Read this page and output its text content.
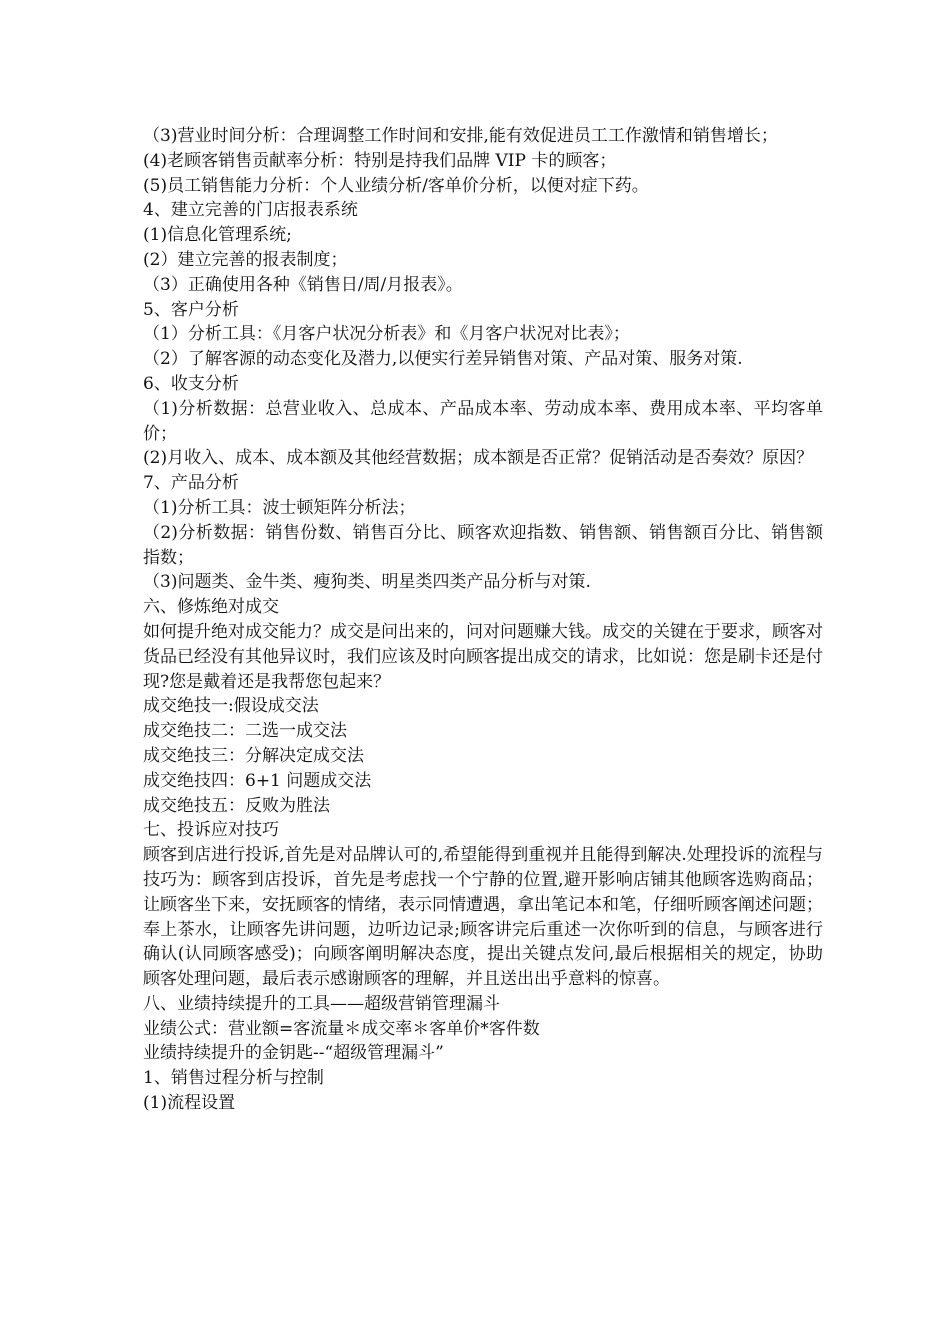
（3)营业时间分析：合理调整工作时间和安排,能有效促进员工工作激情和销售增长；
(4)老顾客销售贡献率分析：特别是持我们品牌 VIP 卡的顾客；
(5)员工销售能力分析：个人业绩分析/客单价分析，以便对症下药。
4、建立完善的门店报表系统
(1)信息化管理系统;
(2）建立完善的报表制度；
（3）正确使用各种《销售日/周/月报表》。
5、客户分析
（1）分析工具：《月客户状况分析表》和《月客户状况对比表》；
（2）了解客源的动态变化及潜力,以便实行差异销售对策、产品对策、服务对策.
6、收支分析
（1)分析数据：总营业收入、总成本、产品成本率、劳动成本率、费用成本率、平均客单价；
(2)月收入、成本、成本额及其他经营数据；成本额是否正常？促销活动是否奏效？原因？
7、产品分析
（1)分析工具：波士顿矩阵分析法；
（2)分析数据：销售份数、销售百分比、顾客欢迎指数、销售额、销售额百分比、销售额指数；
（3)问题类、金牛类、瘦狗类、明星类四类产品分析与对策.
六、修炼绝对成交
如何提升绝对成交能力？成交是问出来的，问对问题赚大钱。成交的关键在于要求，顾客对货品已经没有其他异议时，我们应该及时向顾客提出成交的请求，比如说：您是刷卡还是付现?您是戴着还是我帮您包起来？
成交绝技一:假设成交法
成交绝技二：二选一成交法
成交绝技三：分解决定成交法
成交绝技四：6+1 问题成交法
成交绝技五：反败为胜法
七、投诉应对技巧
顾客到店进行投诉,首先是对品牌认可的,希望能得到重视并且能得到解决.处理投诉的流程与技巧为：顾客到店投诉，首先是考虑找一个宁静的位置,避开影响店铺其他顾客选购商品；让顾客坐下来，安抚顾客的情绪，表示同情遭遇，拿出笔记本和笔，仔细听顾客阐述问题；奉上茶水，让顾客先讲问题，边听边记录;顾客讲完后重述一次你听到的信息，与顾客进行确认(认同顾客感受)；向顾客阐明解决态度，提出关键点发问,最后根据相关的规定，协助顾客处理问题，最后表示感谢顾客的理解，并且送出出乎意料的惊喜。
八、业绩持续提升的工具——超级营销管理漏斗
业绩公式：营业额=客流量＊成交率＊客单价*客件数
业绩持续提升的金钥匙--“超级管理漏斗”
1、销售过程分析与控制
(1)流程设置
